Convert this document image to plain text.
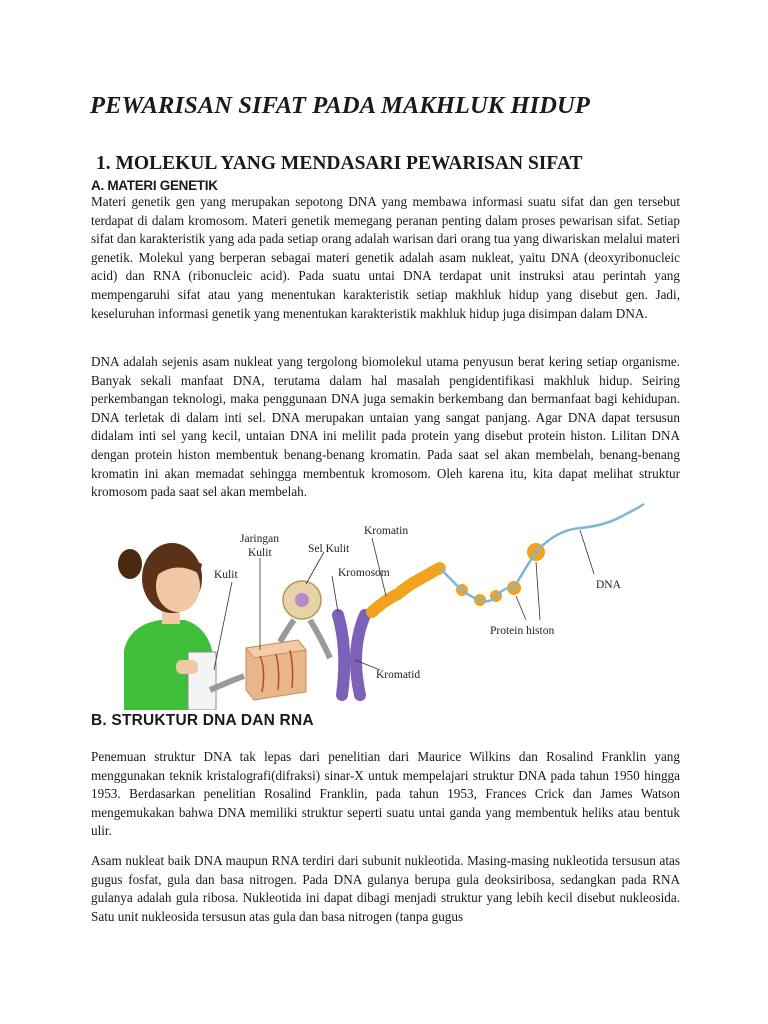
PEWARISAN SIFAT PADA MAKHLUK HIDUP
1. MOLEKUL YANG MENDASARI PEWARISAN SIFAT
A. MATERI GENETIK

Materi genetik gen yang merupakan sepotong DNA yang membawa informasi suatu sifat dan gen tersebut terdapat di dalam kromosom. Materi genetik memegang peranan penting dalam proses pewarisan sifat. Setiap sifat dan karakteristik yang ada pada setiap orang adalah warisan dari orang tua yang diwariskan melalui materi genetik. Molekul yang berperan sebagai materi genetik adalah asam nukleat, yaitu DNA (deoxyribonucleic acid) dan RNA (ribonucleic acid). Pada suatu untai DNA terdapat unit instruksi atau perintah yang mempengaruhi sifat atau yang menentukan karakteristik setiap makhluk hidup yang disebut gen. Jadi, keseluruhan informasi genetik yang menentukan karakteristik makhluk hidup juga disimpan dalam DNA.

DNA adalah sejenis asam nukleat yang tergolong biomolekul utama penyusun berat kering setiap organisme. Banyak sekali manfaat DNA, terutama dalam hal masalah pengidentifikasi makhluk hidup. Seiring perkembangan teknologi, maka penggunaan DNA juga semakin berkembang dan bermanfaat bagi kehidupan. DNA terletak di dalam inti sel. DNA merupakan untaian yang sangat panjang. Agar DNA dapat tersusun didalam inti sel yang kecil, untaian DNA ini melilit pada protein yang disebut protein histon. Lilitan DNA dengan protein histon membentuk benang-benang kromatin. Pada saat sel akan membelah, benang-benang kromatin ini akan memadat sehingga membentuk kromosom. Oleh karena itu, kita dapat melihat struktur kromosom pada saat sel akan membelah.

Kulit
Jaringan
Kulit	Sel Kulit
Kromatin
Kromosom
DNA
Protein histon
Kromatid
B. STRUKTUR DNA DAN RNA

Penemuan struktur DNA tak lepas dari penelitian dari Maurice Wilkins dan Rosalind Franklin yang menggunakan teknik kristalografi(difraksi) sinar-X untuk mempelajari struktur DNA pada tahun 1950 hingga 1953. Berdasarkan penelitian Rosalind Franklin, pada tahun 1953, Frances Crick dan James Watson mengemukakan bahwa DNA memiliki struktur seperti suatu untai ganda yang membentuk heliks atau bentuk ulir.

Asam nukleat baik DNA maupun RNA terdiri dari subunit nukleotida. Masing-masing nukleotida tersusun atas gugus fosfat, gula dan basa nitrogen. Pada DNA gulanya berupa gula deoksiribosa, sedangkan pada RNA gulanya adalah gula ribosa. Nukleotida ini dapat dibagi menjadi struktur yang lebih kecil disebut nukleosida. Satu unit nukleosida tersusun atas gula dan basa nitrogen (tanpa gugus
